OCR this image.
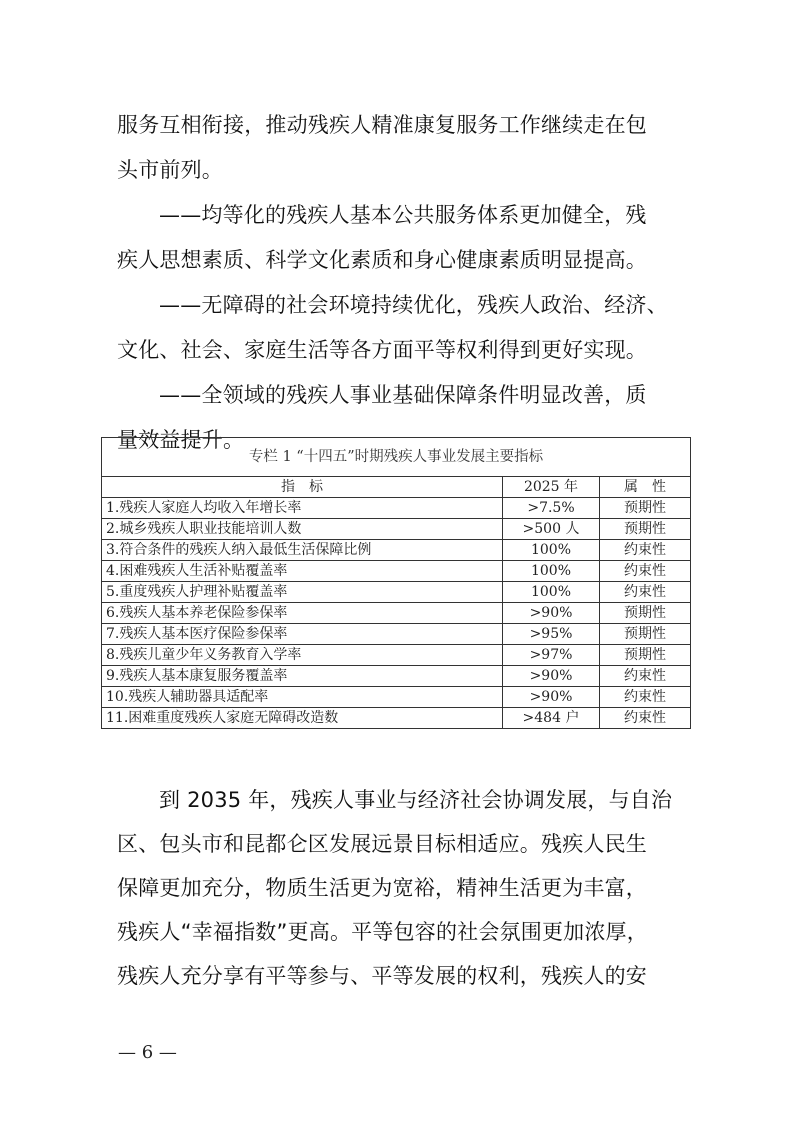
服务互相衔接，推动残疾人精准康复服务工作继续走在包
头市前列。
——均等化的残疾人基本公共服务体系更加健全，残
疾人思想素质、科学文化素质和身心健康素质明显提高。
——无障碍的社会环境持续优化，残疾人政治、经济、
文化、社会、家庭生活等各方面平等权利得到更好实现。
——全领域的残疾人事业基础保障条件明显改善，质
量效益提升。
专栏 1 “十四五”时期残疾人事业发展主要指标		
指　标	2025 年	属　性
1.残疾人家庭人均收入年增长率	>7.5%	预期性
2.城乡残疾人职业技能培训人数	>500 人	预期性
3.符合条件的残疾人纳入最低生活保障比例	100%	约束性
4.困难残疾人生活补贴覆盖率	100%	约束性
5.重度残疾人护理补贴覆盖率	100%	约束性
6.残疾人基本养老保险参保率	>90%	预期性
7.残疾人基本医疗保险参保率	>95%	预期性
8.残疾儿童少年义务教育入学率	>97%	预期性
9.残疾人基本康复服务覆盖率	>90%	约束性
10.残疾人辅助器具适配率	>90%	约束性
11.困难重度残疾人家庭无障碍改造数	>484 户	约束性
到 2035 年，残疾人事业与经济社会协调发展，与自治
区、包头市和昆都仑区发展远景目标相适应。残疾人民生
保障更加充分，物质生活更为宽裕，精神生活更为丰富，
残疾人“幸福指数”更高。平等包容的社会氛围更加浓厚，
残疾人充分享有平等参与、平等发展的权利，残疾人的安
— 6 —
